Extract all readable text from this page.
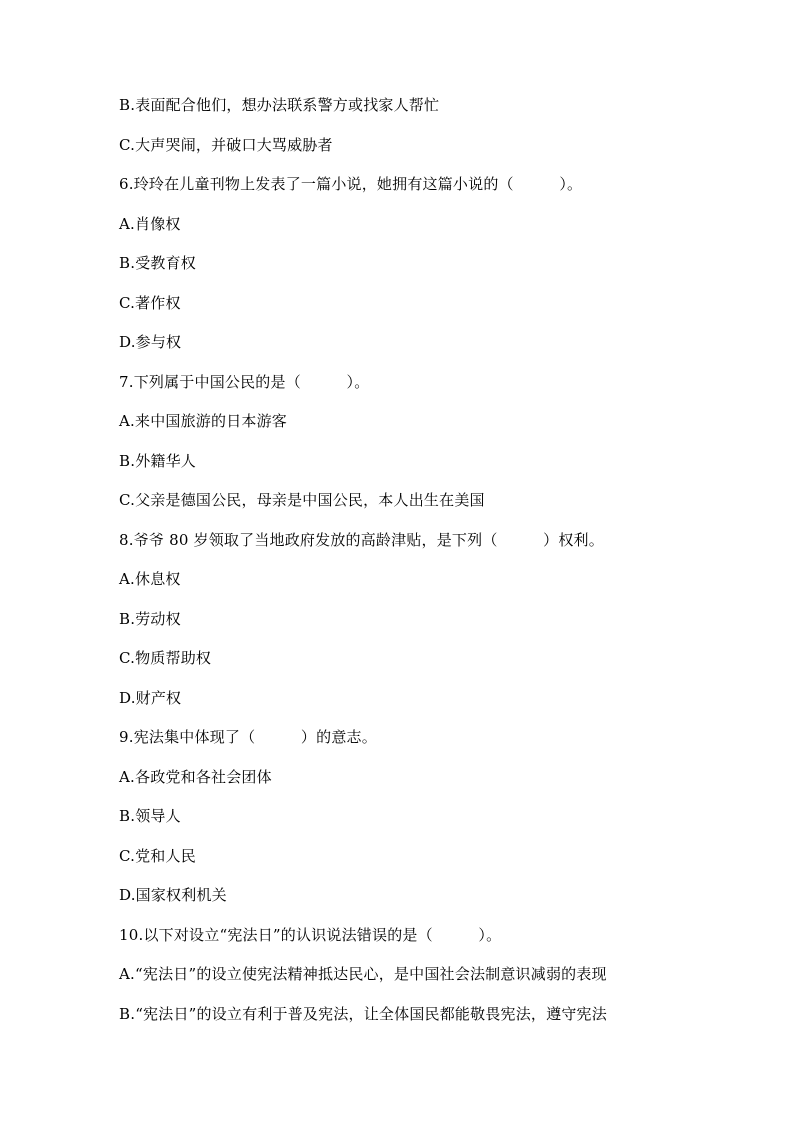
B.表面配合他们，想办法联系警方或找家人帮忙
C.大声哭闹，并破口大骂威胁者
6.玲玲在儿童刊物上发表了一篇小说，她拥有这篇小说的（　　　）。
A.肖像权
B.受教育权
C.著作权
D.参与权
7.下列属于中国公民的是（　　　）。
A.来中国旅游的日本游客
B.外籍华人
C.父亲是德国公民，母亲是中国公民，本人出生在美国
8.爷爷 80 岁领取了当地政府发放的高龄津贴，是下列（　　　）权利。
A.休息权
B.劳动权
C.物质帮助权
D.财产权
9.宪法集中体现了（　　　）的意志。
A.各政党和各社会团体
B.领导人
C.党和人民
D.国家权利机关
10.以下对设立“宪法日”的认识说法错误的是（　　　）。
A.“宪法日”的设立使宪法精神抵达民心，是中国社会法制意识减弱的表现
B.“宪法日”的设立有利于普及宪法，让全体国民都能敬畏宪法，遵守宪法
